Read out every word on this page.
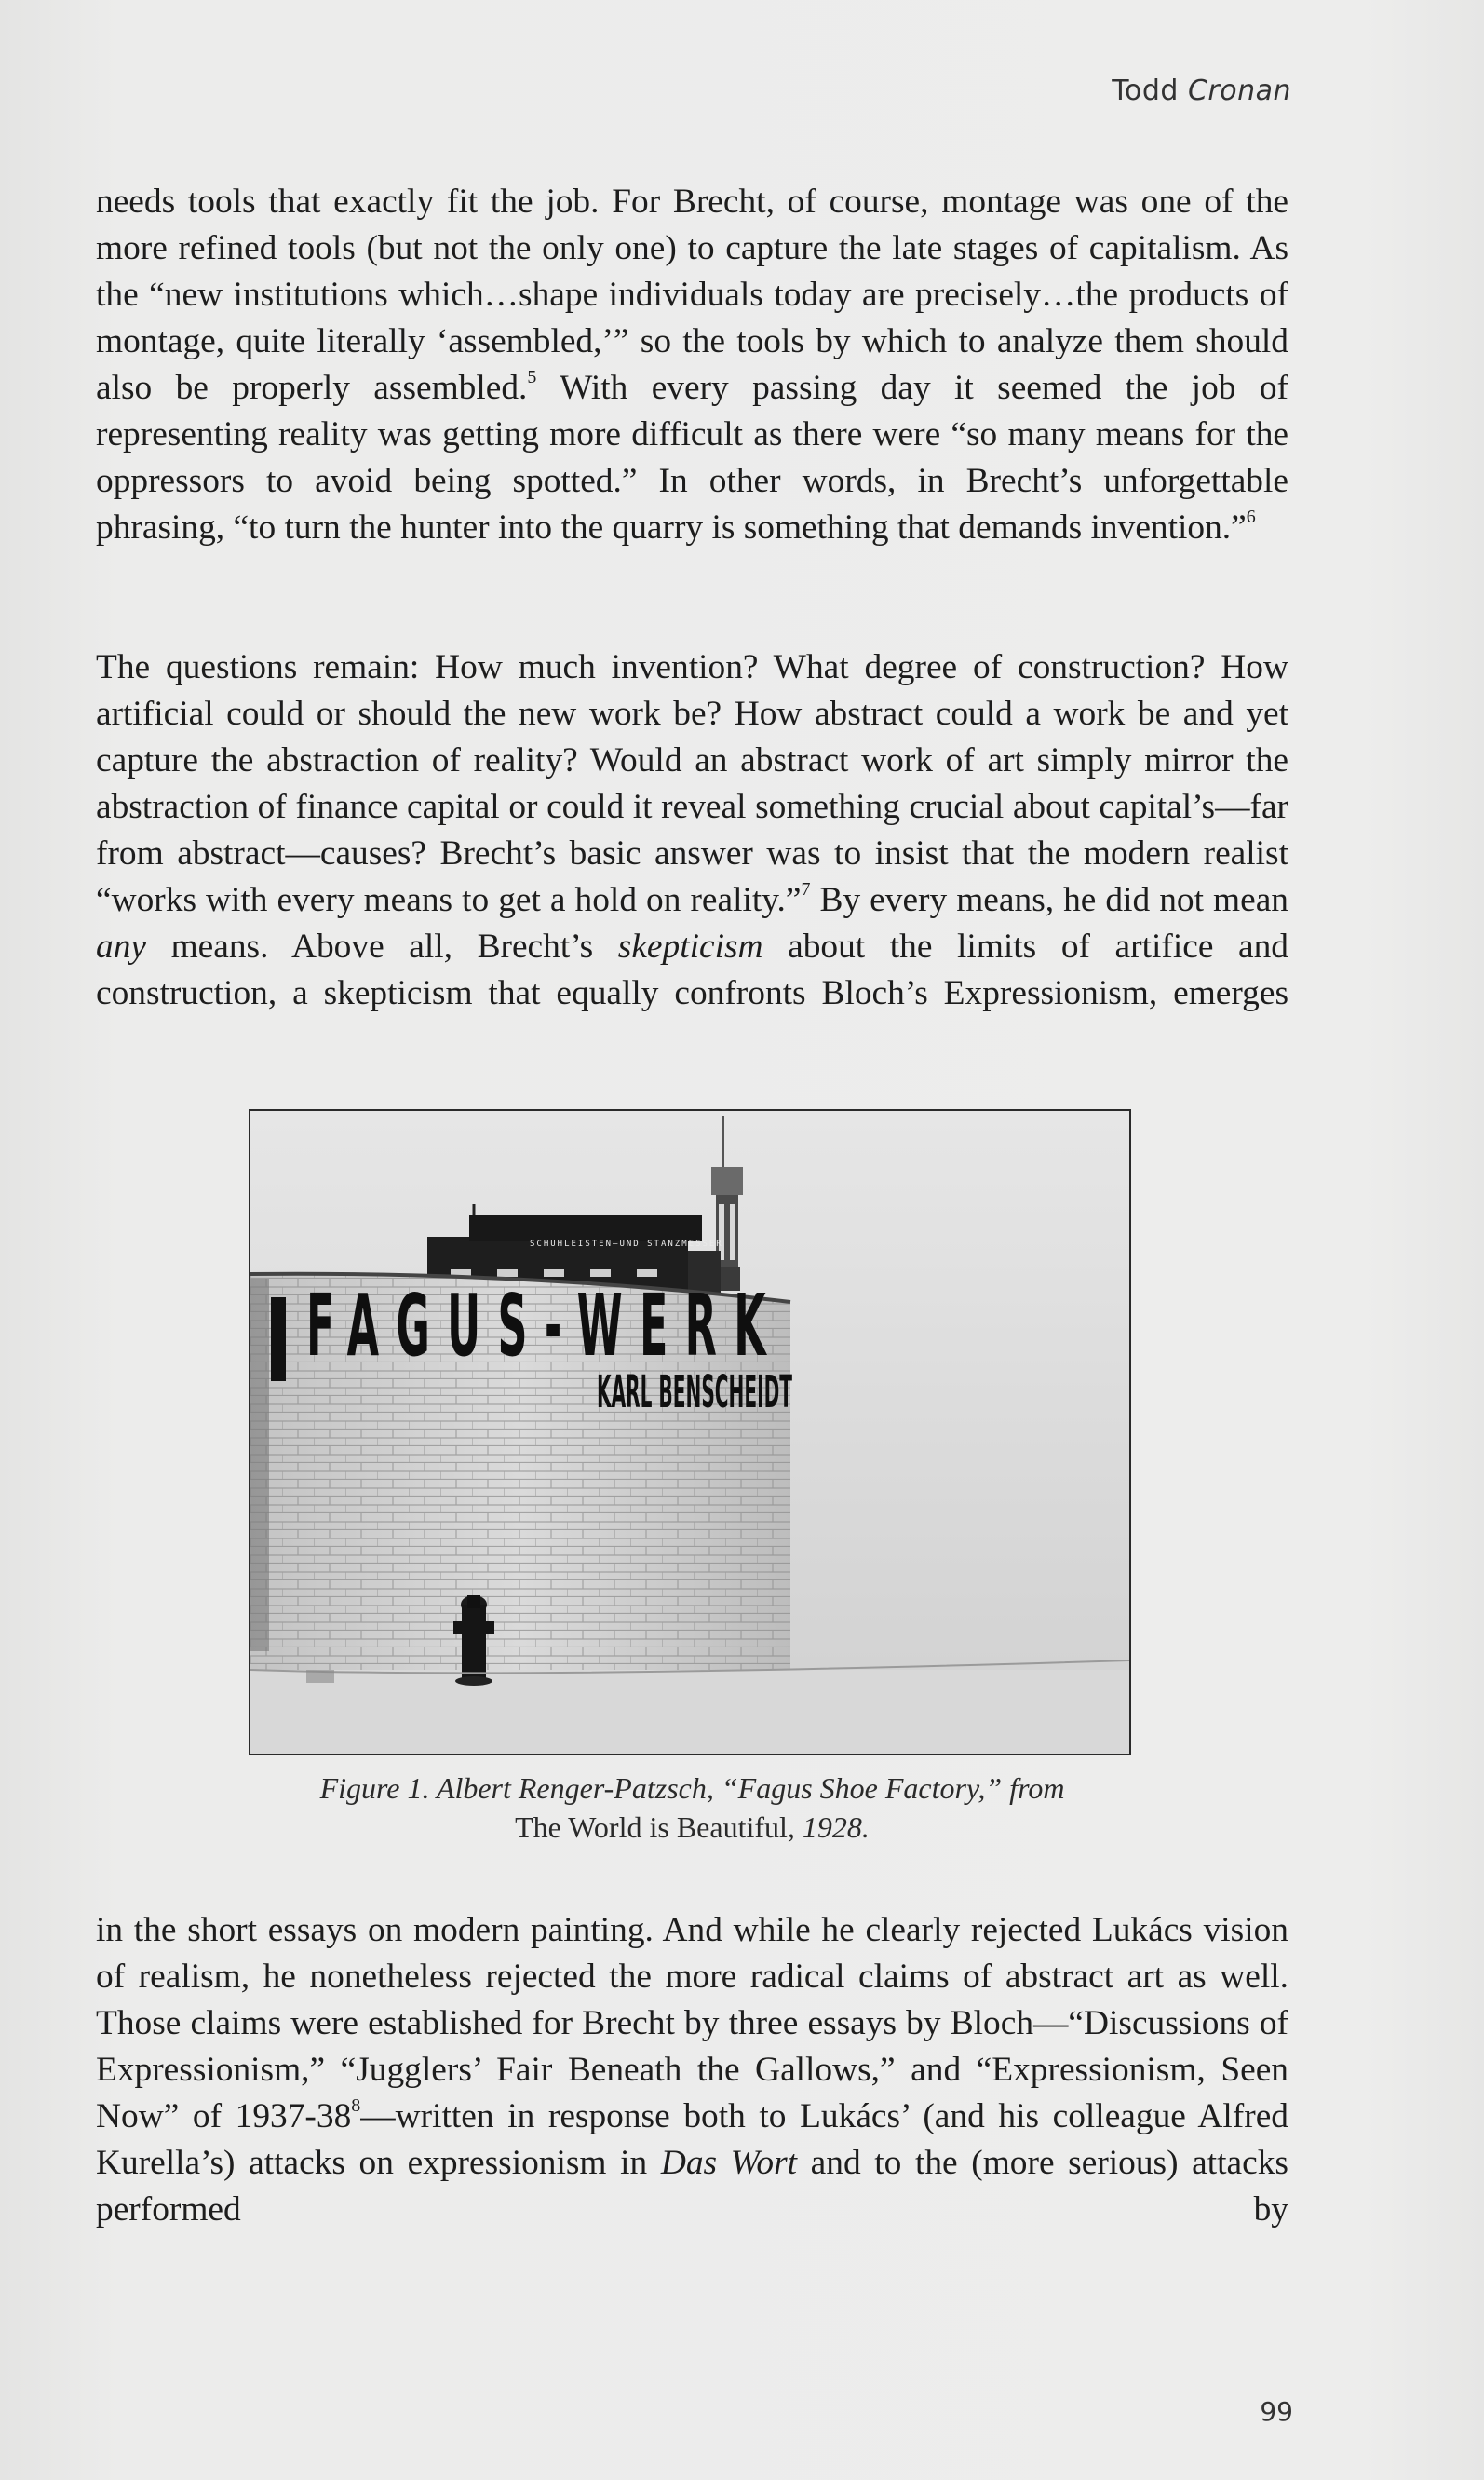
Todd Cronan

needs tools that exactly fit the job. For Brecht, of course, montage was one of the more refined tools (but not the only one) to capture the late stages of capitalism. As the “new institutions which…shape individuals today are precisely…the products of montage, quite literally ‘assembled,’” so the tools by which to analyze them should also be properly assembled.$^5$ With every passing day it seemed the job of representing reality was getting more difficult as there were “so many means for the oppressors to avoid being spotted.” In other words, in Brecht’s unforgettable phrasing, “to turn the hunter into the quarry is something that demands invention.”$^6$

The questions remain: How much invention? What degree of construction? How artificial could or should the new work be? How abstract could a work be and yet capture the abstraction of reality? Would an abstract work of art simply mirror the abstraction of finance capital or could it reveal something crucial about capital’s—far from abstract—causes? Brecht’s basic answer was to insist that the modern realist “works with every means to get a hold on reality.”$^7$ By every means, he did not mean any means. Above all, Brecht’s skepticism about the limits of artifice and construction, a skepticism that equally confronts Bloch’s Expressionism, emerges

SCHUHLEISTEN—UND STANZMESSER
FAGUS-WERK
KARL BENSCHEIDT
Figure 1. Albert Renger-Patzsch, “Fagus Shoe Factory,” from
The World is Beautiful, 1928.

in the short essays on modern painting. And while he clearly rejected Lukács vision of realism, he nonetheless rejected the more radical claims of abstract art as well. Those claims were established for Brecht by three essays by Bloch—“Discussions of Expressionism,” “Jugglers’ Fair Beneath the Gallows,” and “Expressionism, Seen Now” of $1937-38^8—written$ in response both to Lukács’ (and his colleague Alfred Kurella’s) attacks on expressionism in Das Wort and to the (more serious) attacks performed by

99
